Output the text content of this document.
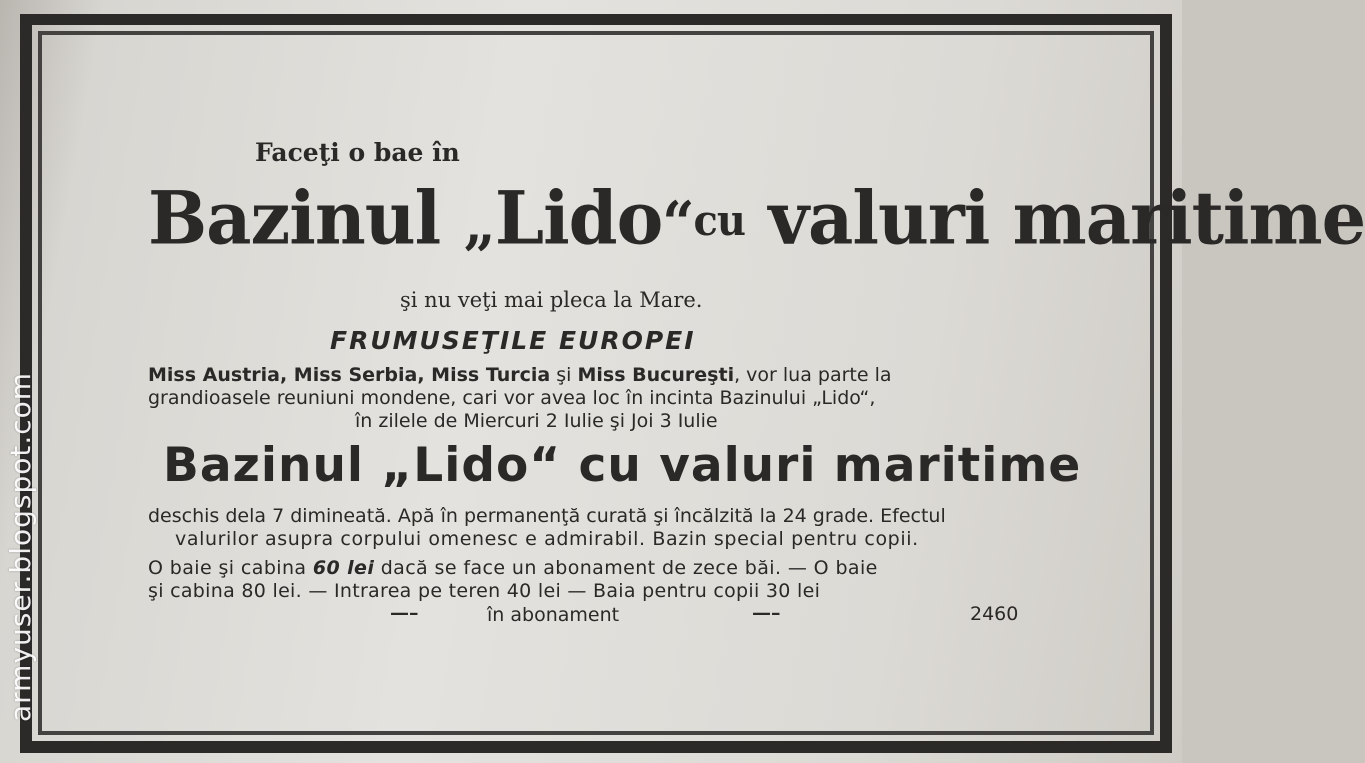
Faceţi o bae în
Bazinul „Lido“cu valuri maritime
şi nu veţi mai pleca la Mare.
FRUMUSEŢILE EUROPEI
Miss Austria, Miss Serbia, Miss Turcia şi Miss Bucureşti, vor lua parte la
grandioasele reuniuni mondene, cari vor avea loc în incinta Bazinului „Lido“,
în zilele de Miercuri 2 Iulie şi Joi 3 Iulie
Bazinul „Lido“ cu valuri maritime
deschis dela 7 dimineată. Apă în permanenţă curată şi încălzită la 24 grade. Efectul
valurilor asupra corpului omenesc e admirabil. Bazin special pentru copii.
O baie şi cabina 60 lei dacă se face un abonament de zece băi. — O baie
şi cabina 80 lei. — Intrarea pe teren 40 lei — Baia pentru copii 30 lei
—–	în abonament	—–	2460
armyuser.blogspot.com
